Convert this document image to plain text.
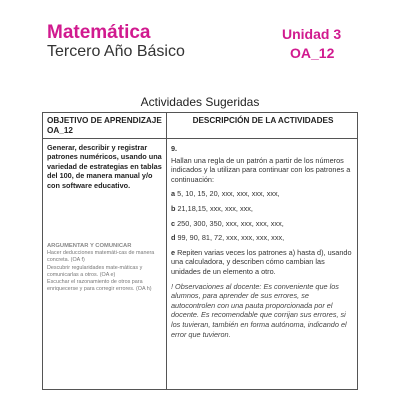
Matemática
Tercero Año Básico
Unidad 3
OA_12
Actividades Sugeridas
OBJETIVO DE APRENDIZAJE OA_12
DESCRIPCIÓN DE LA ACTIVIDADES
Generar, describir y registrar patrones numéricos, usando una variedad de estrategias en tablas del 100, de manera manual y/o con software educativo.
ARGUMENTAR Y COMUNICAR
Hacer deducciones matemáti-cas de manera concreta. (OA f)
Descubrir regularidades mate-máticas y comunicarlas a otros. (OA e)
Escuchar el razonamiento de otros para enriquecerse y para corregir errores. (OA h)

9.

Hallan una regla de un patrón a partir de los números indicados y la utilizan para continuar con los patrones a continuación:

a 5, 10, 15, 20, xxx, xxx, xxx, xxx,

b 21,18,15, xxx, xxx, xxx,

c 250, 300, 350, xxx, xxx, xxx, xxx,

d 99, 90, 81, 72, xxx, xxx, xxx, xxx,

e Repiten varias veces los patrones a) hasta d), usando una calculadora, y describen cómo cambian las unidades de un elemento a otro.

! Observaciones al docente: Es conveniente que los alumnos, para aprender de sus errores, se autocontrolen con una pauta proporcionada por el docente. Es recomendable que corrijan sus errores, si los tuvieran, también en forma autónoma, indicando el error que tuvieron.
